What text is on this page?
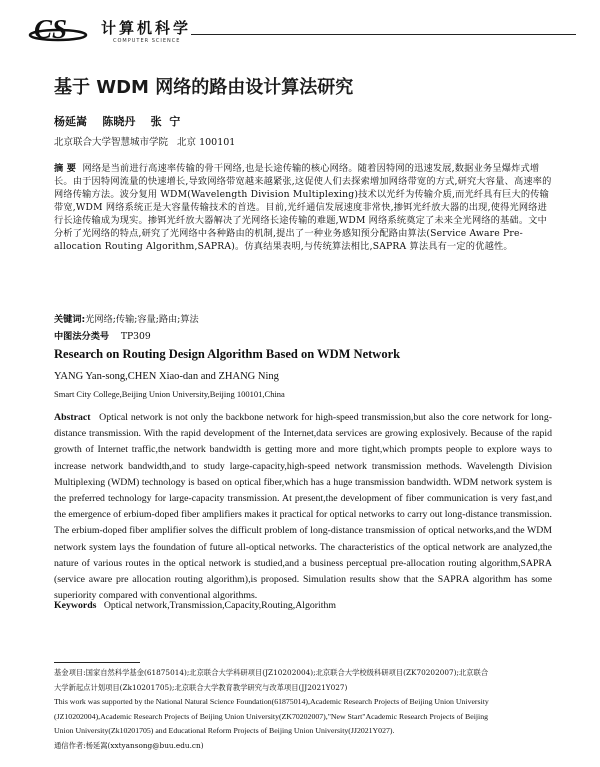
CS 计算机科学
COMPUTER SCIENCE
基于 WDM 网络的路由设计算法研究
杨延嵩    陈晓丹    张  宁
北京联合大学智慧城市学院   北京 100101

摘 要 网络是当前进行高速率传输的骨干网络,也是长途传输的核心网络。随着因特网的迅速发展,数据业务呈爆炸式增长。由于因特网流量的快速增长,导致网络带宽越来越紧张,这促使人们去探索增加网络带宽的方式,研究大容量、高速率的网络传输方法。波分复用 WDM(Wavelength Division Multiplexing)技术以光纤为传输介质,而光纤具有巨大的传输带宽,WDM 网络系统正是大容量传输技术的首选。目前,光纤通信发展速度非常快,掺铒光纤放大器的出现,使得光网络进行长途传输成为现实。掺铒光纤放大器解决了光网络长途传输的难题,WDM 网络系统奠定了未来全光网络的基础。文中分析了光网络的特点,研究了光网络中各种路由的机制,提出了一种业务感知预分配路由算法(Service Aware Pre-allocation Routing Algorithm,SAPRA)。仿真结果表明,与传统算法相比,SAPRA 算法具有一定的优越性。

关键词:光网络;传输;容量;路由;算法
中图法分类号 TP309
Research on Routing Design Algorithm Based on WDM Network
YANG Yan-song,CHEN Xiao-dan and ZHANG Ning
Smart City College,Beijing Union University,Beijing 100101,China
Abstract Optical network is not only the backbone network for high-speed transmission,but also the core network for long-distance transmission. With the rapid development of the Internet,data services are growing explosively. Because of the rapid growth of Internet traffic,the network bandwidth is getting more and more tight,which prompts people to explore ways to increase network bandwidth,and to study large-capacity,high-speed network transmission methods. Wavelength Division Multiplexing (WDM) technology is based on optical fiber,which has a huge transmission bandwidth. WDM network system is the preferred technology for large-capacity transmission. At present,the development of fiber communication is very fast,and the emergence of erbium-doped fiber amplifiers makes it practical for optical networks to carry out long-distance transmission. The erbium-doped fiber amplifier solves the difficult problem of long-distance transmission of optical networks,and the WDM network system lays the foundation of future all-optical networks. The characteristics of the optical network are analyzed,the nature of various routes in the optical network is studied,and a business perceptual pre-allocation routing algorithm,SAPRA (service aware pre allocation routing algorithm),is proposed. Simulation results show that the SAPRA algorithm has some superiority compared with conventional algorithms.
Keywords Optical network,Transmission,Capacity,Routing,Algorithm
基金项目:国家自然科学基金(61875014);北京联合大学科研项目(JZ10202004);北京联合大学校级科研项目(ZK70202007);北京联合
大学新起点计划项目(Zk10201705);北京联合大学教育教学研究与改革项目(JJ2021Y027)
This work was supported by the National Natural Science Foundation(61875014),Academic Research Projects of Beijing Union University
(JZ10202004),Academic Research Projects of Beijing Union University(ZK70202007),"New Start"Academic Research Projects of Beijing
Union University(Zk10201705) and Educational Reform Projects of Beijing Union University(JJ2021Y027).
通信作者:杨延嵩(xxtyansong@buu.edu.cn)
